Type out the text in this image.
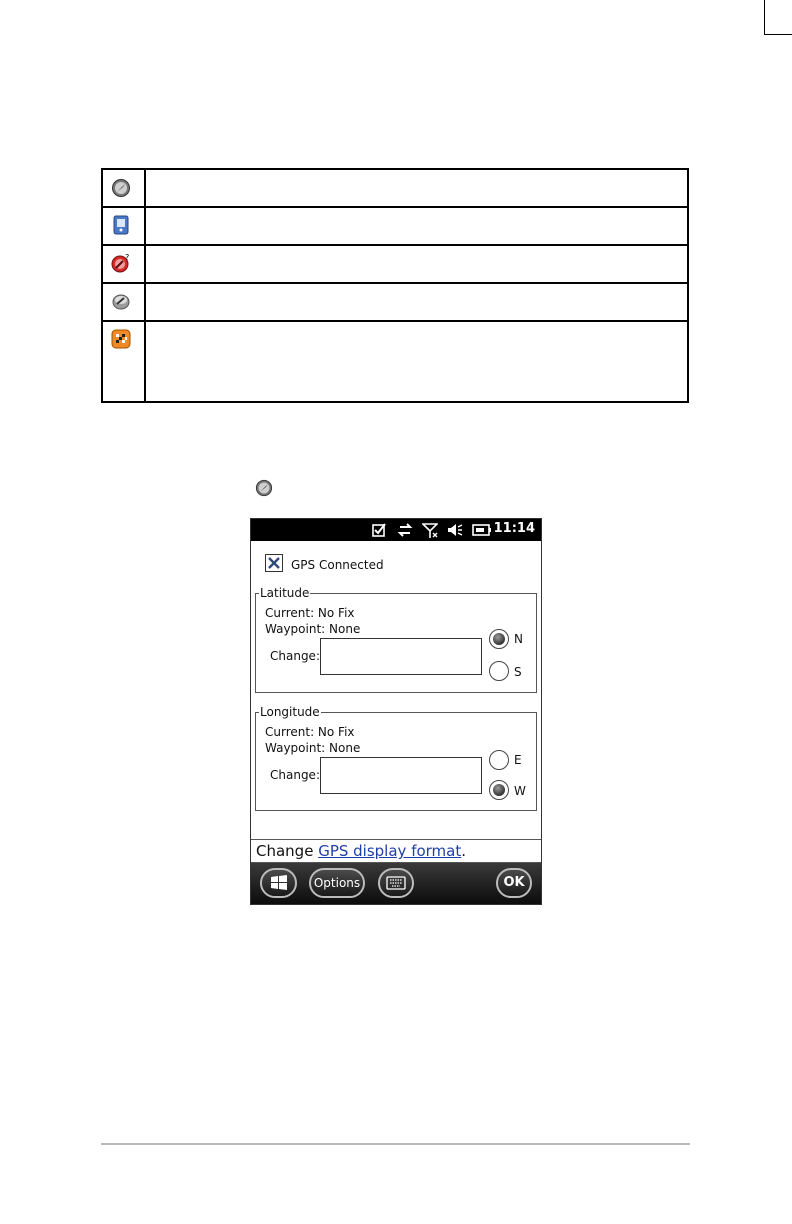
?
11:14
GPS Connected
Latitude
Current: No Fix
Waypoint: None
Change:
N
S
Longitude
Current: No Fix
Waypoint: None
Change:
E
W
Change GPS display format.
Options	OK
